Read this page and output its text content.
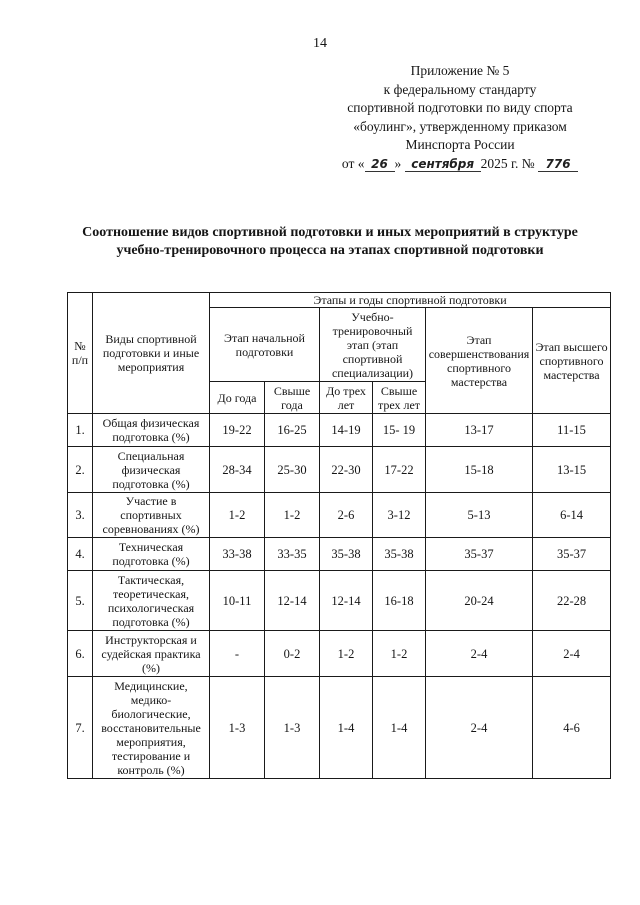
14
Приложение № 5
к федеральному стандарту
спортивной подготовки по виду спорта
«боулинг», утвержденному приказом
Минспорта России
от « 26 » сентября 2025 г. № 776
Соотношение видов спортивной подготовки и иных мероприятий в структуре
учебно-тренировочного процесса на этапах спортивной подготовки
№ п/п	Виды спортивной подготовки и иные мероприятия	Этапы и годы спортивной подготовки					
		Этап начальной подготовки		Учебно-тренировочный этап (этап спортивной специализации)		Этап совершенствования спортивного мастерства	Этап высшего спортивного мастерства
		До года	Свыше года	До трех лет	Свыше трех лет		
1.	Общая физическая подготовка (%)	19-22	16-25	14-19	15- 19	13-17	11-15
2.	Специальная физическая подготовка (%)	28-34	25-30	22-30	17-22	15-18	13-15
3.	Участие в спортивных соревнованиях (%)	1-2	1-2	2-6	3-12	5-13	6-14
4.	Техническая подготовка (%)	33-38	33-35	35-38	35-38	35-37	35-37
5.	Тактическая, теоретическая, психологическая подготовка (%)	10-11	12-14	12-14	16-18	20-24	22-28
6.	Инструкторская и судейская практика (%)	-	0-2	1-2	1-2	2-4	2-4
7.	Медицинские, медико-биологические, восстановительные мероприятия, тестирование и контроль (%)	1-3	1-3	1-4	1-4	2-4	4-6
